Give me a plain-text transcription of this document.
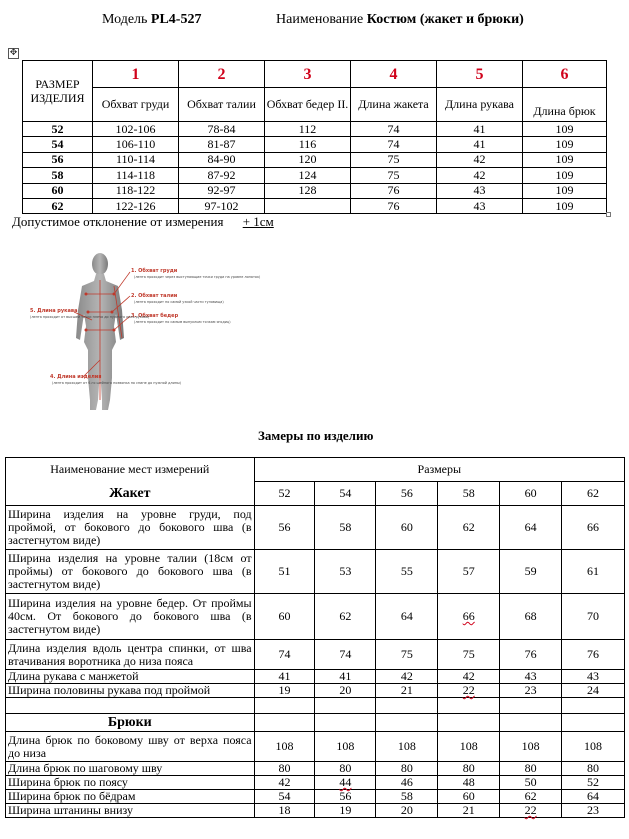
Модель PL4-527	Наименование Костюм (жакет и брюки)
✥
РАЗМЕР ИЗДЕЛИЯ	1	2	3	4	5	6
	Обхват груди	Обхват талии	Обхват бедер II.	Длина жакета	Длина рукава	Длина брюк
52	102-106	78-84	112	74	41	109
54	106-110	81-87	116	74	41	109
56	110-114	84-90	120	75	42	109
58	114-118	87-92	124	75	42	109
60	118-122	92-97	128	76	43	109
62	122-126	97-102		76	43	109
Допустимое отклонение от измерения + 1см
1. Обхват груди
(лента проходит через выступающие точки груди на уровне лопаток)
2. Обхват талии
(лента проходит по самой узкой части туловища)
3. Обхват бедер
(лента проходит по самым выпуклым точкам ягодиц)
4. Длина изделия
(лента проходит от 6-го шейного позвонка по спине до нужной длины)
5. Длина рукава
(лента проходит от высшей точки плеча до нужного края рукава)
Замеры по изделию
Наименование мест измерений	Размеры					
Жакет	52	54	56	58	60	62
Ширина изделия на уровне груди, под проймой, от бокового до бокового шва (в застегнутом виде)	56	58	60	62	64	66
Ширина изделия на уровне талии (18см от проймы) от бокового до бокового шва (в застегнутом виде)	51	53	55	57	59	61
Ширина изделия на уровне бедер. От проймы 40см. От бокового до бокового шва (в застегнутом виде)	60	62	64	66	68	70
Длина изделия вдоль центра спинки, от шва втачивания воротника до низа поясa	74	74	75	75	76	76
Длина рукава с манжетой	41	41	42	42	43	43
Ширина половины рукава под проймой	19	20	21	22	23	24

Брюки						
Длина брюк по боковому шву от верха пояса до низа	108	108	108	108	108	108
Длина брюк по шаговому шву	80	80	80	80	80	80
Ширина брюк по поясу	42	44	46	48	50	52
Ширина брюк по бёдрам	54	56	58	60	62	64
Ширина штанины внизу	18	19	20	21	22	23
